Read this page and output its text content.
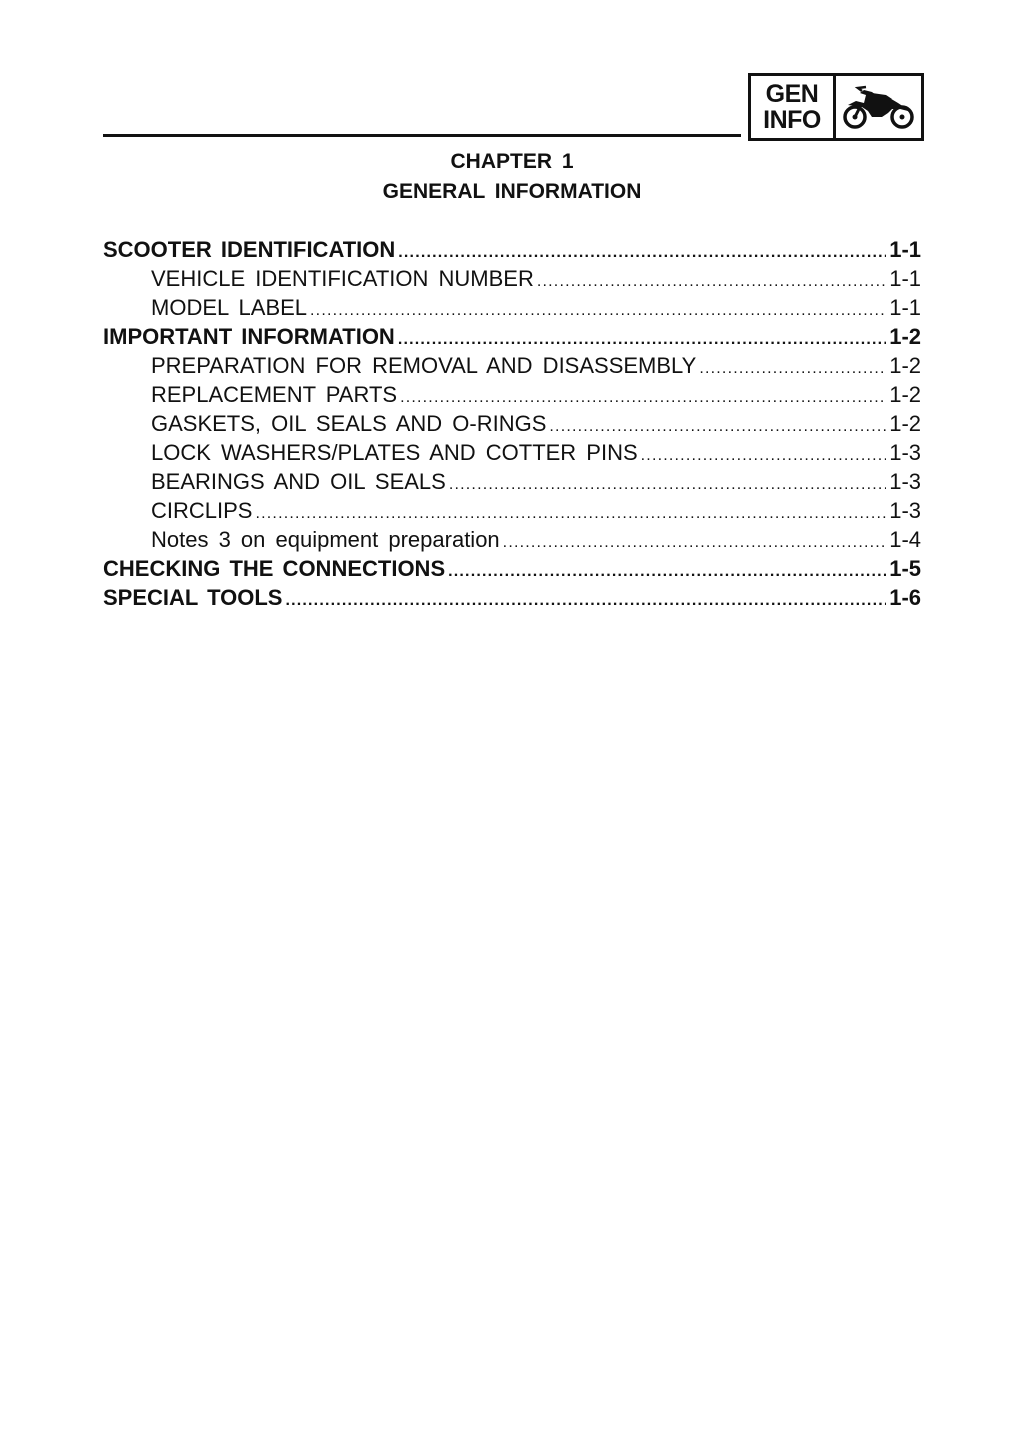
GEN
INFO
CHAPTER 1
GENERAL INFORMATION
SCOOTER IDENTIFICATION .....	1-1
VEHICLE IDENTIFICATION NUMBER .....	1-1
MODEL LABEL .....	1-1
IMPORTANT INFORMATION .....	1-2
PREPARATION FOR REMOVAL AND DISASSEMBLY .....	1-2
REPLACEMENT PARTS .....	1-2
GASKETS, OIL SEALS AND O-RINGS .....	1-2
LOCK WASHERS/PLATES AND COTTER PINS .....	1-3
BEARINGS AND OIL SEALS .....	1-3
CIRCLIPS .....	1-3
Notes 3 on equipment preparation .....	1-4
CHECKING THE CONNECTIONS .....	1-5
SPECIAL TOOLS .....	1-6
